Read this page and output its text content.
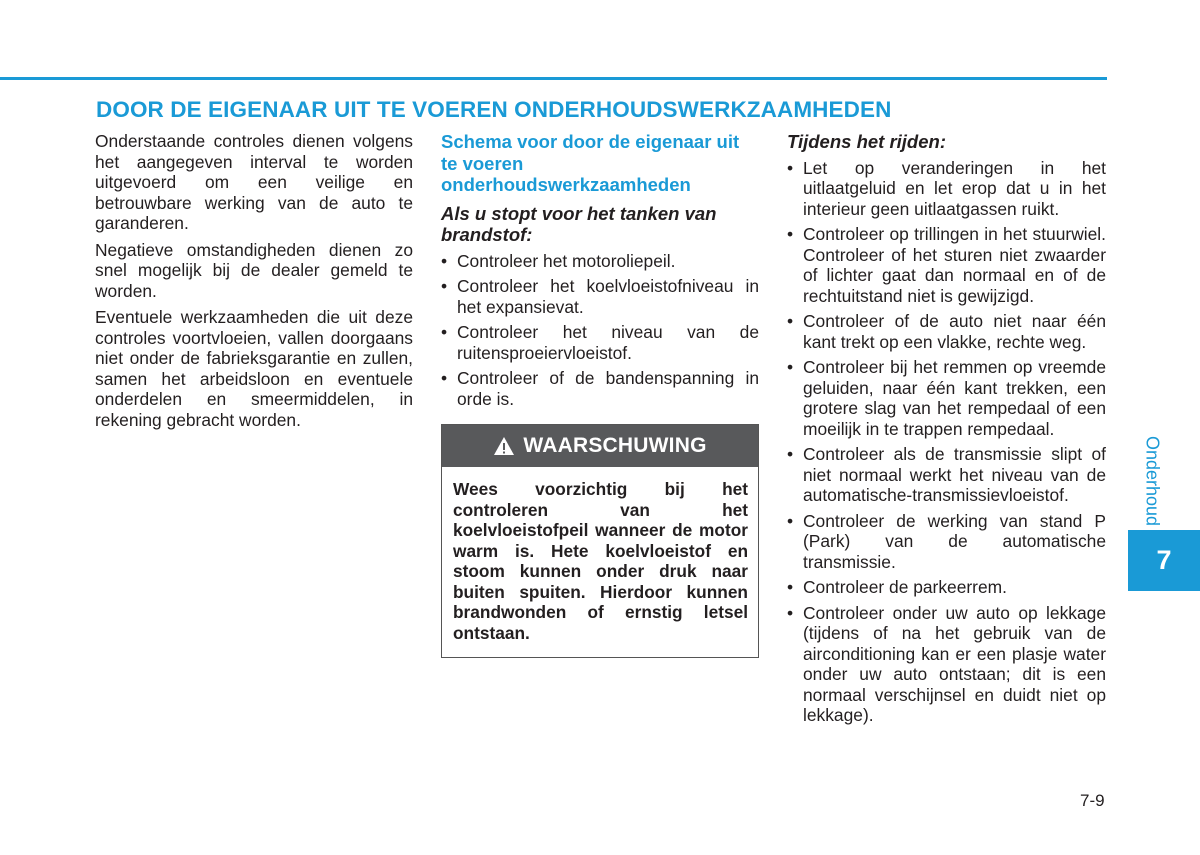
DOOR DE EIGENAAR UIT TE VOEREN ONDERHOUDSWERKZAAMHEDEN

Onderstaande controles dienen volgens het aangegeven interval te worden uitgevoerd om een veilige en betrouwbare werking van de auto te garanderen.

Negatieve omstandigheden dienen zo snel mogelijk bij de dealer gemeld te worden.

Eventuele werkzaamheden die uit deze controles voortvloeien, vallen doorgaans niet onder de fabrieksgarantie en zullen, samen het arbeidsloon en eventuele onderdelen en smeermiddelen, in rekening gebracht worden.

Schema voor door de eigenaar uit te voeren onderhoudswerkzaamheden
Als u stopt voor het tanken van brandstof:
• Controleer het motoroliepeil.
• Controleer het koelvloeistofniveau in het expansievat.
• Controleer het niveau van de ruitensproeiervloeistof.
• Controleer of de bandenspanning in orde is.
WAARSCHUWING
Wees voorzichtig bij het controleren van het koelvloeistofpeil wanneer de motor warm is. Hete koelvloeistof en stoom kunnen onder druk naar buiten spuiten. Hierdoor kunnen brandwonden of ernstig letsel ontstaan.
Tijdens het rijden:
• Let op veranderingen in het uitlaatgeluid en let erop dat u in het interieur geen uitlaatgassen ruikt.
• Controleer op trillingen in het stuurwiel. Controleer of het sturen niet zwaarder of lichter gaat dan normaal en of de rechtuitstand niet is gewijzigd.
• Controleer of de auto niet naar één kant trekt op een vlakke, rechte weg.
• Controleer bij het remmen op vreemde geluiden, naar één kant trekken, een grotere slag van het rempedaal of een moeilijk in te trappen rempedaal.
• Controleer als de transmissie slipt of niet normaal werkt het niveau van de automatische-transmissievloeistof.
• Controleer de werking van stand P (Park) van de automatische transmissie.
• Controleer de parkeerrem.
• Controleer onder uw auto op lekkage (tijdens of na het gebruik van de airconditioning kan er een plasje water onder uw auto ontstaan; dit is een normaal verschijnsel en duidt niet op lekkage).
Onderhoud
7
7-9
